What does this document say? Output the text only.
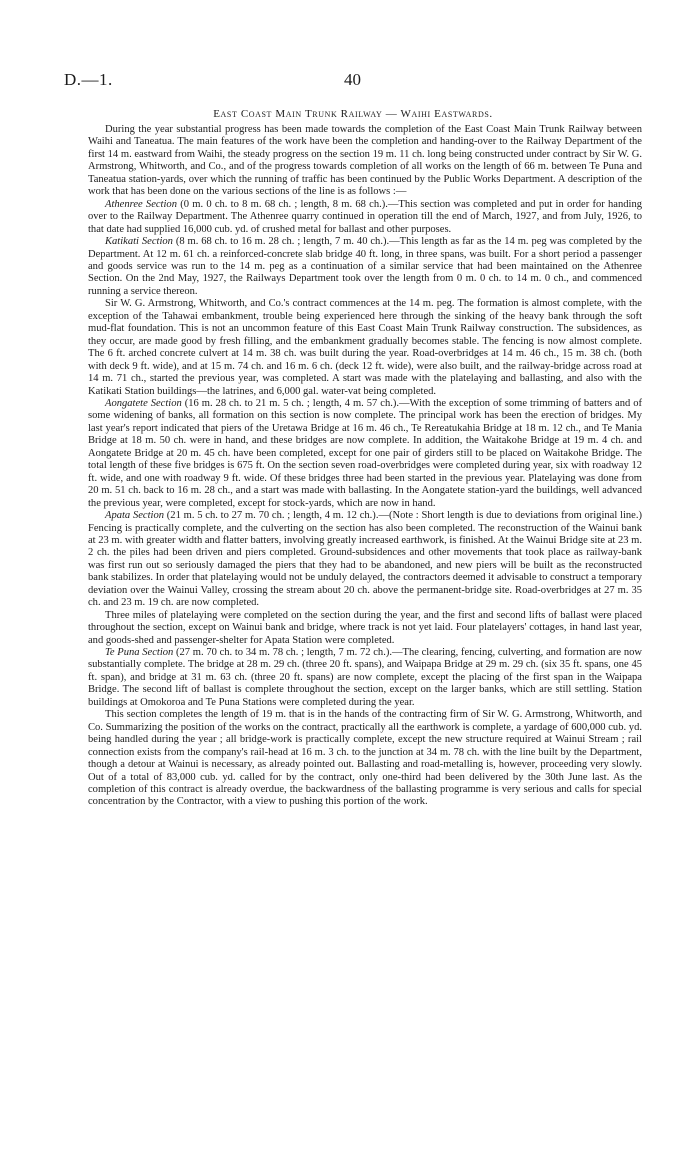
D.—1.	40
East Coast Main Trunk Railway — Waihi Eastwards.

During the year substantial progress has been made towards the completion of the East Coast Main Trunk Railway between Waihi and Taneatua. The main features of the work have been the completion and handing-over to the Railway Department of the first 14 m. eastward from Waihi, the steady progress on the section 19 m. 11 ch. long being constructed under contract by Sir W. G. Armstrong, Whitworth, and Co., and of the progress towards completion of all works on the length of 66 m. between Te Puna and Taneatua station-yards, over which the running of traffic has been continued by the Public Works Department. A description of the work that has been done on the various sections of the line is as follows :—

Athenree Section (0 m. 0 ch. to 8 m. 68 ch. ; length, 8 m. 68 ch.).—This section was completed and put in order for handing over to the Railway Department. The Athenree quarry continued in operation till the end of March, 1927, and from July, 1926, to that date had supplied 16,000 cub. yd. of crushed metal for ballast and other purposes.

Katikati Section (8 m. 68 ch. to 16 m. 28 ch. ; length, 7 m. 40 ch.).—This length as far as the 14 m. peg was completed by the Department. At 12 m. 61 ch. a reinforced-concrete slab bridge 40 ft. long, in three spans, was built. For a short period a passenger and goods service was run to the 14 m. peg as a continuation of a similar service that had been maintained on the Athenree Section. On the 2nd May, 1927, the Railways Department took over the length from 0 m. 0 ch. to 14 m. 0 ch., and commenced running a service thereon.

Sir W. G. Armstrong, Whitworth, and Co.'s contract commences at the 14 m. peg. The formation is almost complete, with the exception of the Tahawai embankment, trouble being experienced here through the sinking of the heavy bank through the soft mud-flat foundation. This is not an uncommon feature of this East Coast Main Trunk Railway construction. The subsidences, as they occur, are made good by fresh filling, and the embankment gradually becomes stable. The fencing is now almost complete. The 6 ft. arched concrete culvert at 14 m. 38 ch. was built during the year. Road-overbridges at 14 m. 46 ch., 15 m. 38 ch. (both with deck 9 ft. wide), and at 15 m. 74 ch. and 16 m. 6 ch. (deck 12 ft. wide), were also built, and the railway-bridge across road at 14 m. 71 ch., started the previous year, was completed. A start was made with the platelaying and ballasting, and also with the Katikati Station buildings—the latrines, and 6,000 gal. water-vat being completed.

Aongatete Section (16 m. 28 ch. to 21 m. 5 ch. ; length, 4 m. 57 ch.).—With the exception of some trimming of batters and of some widening of banks, all formation on this section is now complete. The principal work has been the erection of bridges. My last year's report indicated that piers of the Uretawa Bridge at 16 m. 46 ch., Te Rereatukahia Bridge at 18 m. 12 ch., and Te Mania Bridge at 18 m. 50 ch. were in hand, and these bridges are now complete. In addition, the Waitakohe Bridge at 19 m. 4 ch. and Aongatete Bridge at 20 m. 45 ch. have been completed, except for one pair of girders still to be placed on Waitakohe Bridge. The total length of these five bridges is 675 ft. On the section seven road-overbridges were completed during year, six with roadway 12 ft. wide, and one with roadway 9 ft. wide. Of these bridges three had been started in the previous year. Platelaying was done from 20 m. 51 ch. back to 16 m. 28 ch., and a start was made with ballasting. In the Aongatete station-yard the buildings, well advanced the previous year, were completed, except for stock-yards, which are now in hand.

Apata Section (21 m. 5 ch. to 27 m. 70 ch. ; length, 4 m. 12 ch.).—(Note : Short length is due to deviations from original line.) Fencing is practically complete, and the culverting on the section has also been completed. The reconstruction of the Wainui bank at 23 m. with greater width and flatter batters, involving greatly increased earthwork, is finished. At the Wainui Bridge site at 23 m. 2 ch. the piles had been driven and piers completed. Ground-subsidences and other movements that took place as railway-bank was first run out so seriously damaged the piers that they had to be abandoned, and new piers will be built as the reconstructed bank stabilizes. In order that platelaying would not be unduly delayed, the contractors deemed it advisable to construct a temporary deviation over the Wainui Valley, crossing the stream about 20 ch. above the permanent-bridge site. Road-overbridges at 27 m. 35 ch. and 23 m. 19 ch. are now completed.

Three miles of platelaying were completed on the section during the year, and the first and second lifts of ballast were placed throughout the section, except on Wainui bank and bridge, where track is not yet laid. Four platelayers' cottages, in hand last year, and goods-shed and passenger-shelter for Apata Station were completed.

Te Puna Section (27 m. 70 ch. to 34 m. 78 ch. ; length, 7 m. 72 ch.).—The clearing, fencing, culverting, and formation are now substantially complete. The bridge at 28 m. 29 ch. (three 20 ft. spans), and Waipapa Bridge at 29 m. 29 ch. (six 35 ft. spans, one 45 ft. span), and bridge at 31 m. 63 ch. (three 20 ft. spans) are now complete, except the placing of the first span in the Waipapa Bridge. The second lift of ballast is complete throughout the section, except on the larger banks, which are still settling. Station buildings at Omokoroa and Te Puna Stations were completed during the year.

This section completes the length of 19 m. that is in the hands of the contracting firm of Sir W. G. Armstrong, Whitworth, and Co. Summarizing the position of the works on the contract, practically all the earthwork is complete, a yardage of 600,000 cub. yd. being handled during the year ; all bridge-work is practically complete, except the new structure required at Wainui Stream ; rail connection exists from the company's rail-head at 16 m. 3 ch. to the junction at 34 m. 78 ch. with the line built by the Department, though a detour at Wainui is necessary, as already pointed out. Ballasting and road-metalling is, however, proceeding very slowly. Out of a total of 83,000 cub. yd. called for by the contract, only one-third had been delivered by the 30th June last. As the completion of this contract is already overdue, the backwardness of the ballasting programme is very serious and calls for special concentration by the Contractor, with a view to pushing this portion of the work.
